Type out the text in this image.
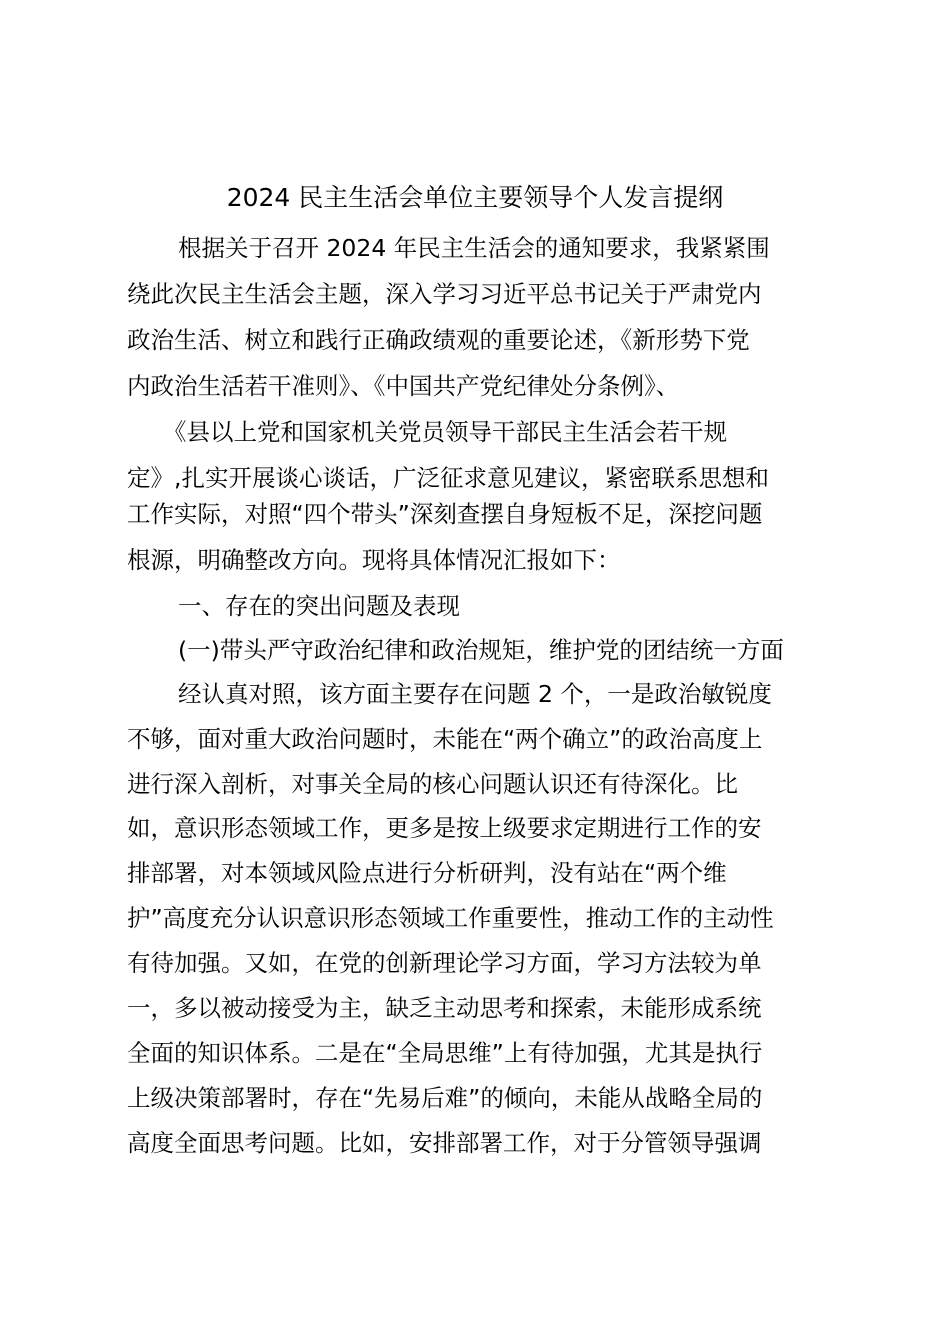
2024 民主生活会单位主要领导个人发言提纲
根据关于召开 2024 年民主生活会的通知要求，我紧紧围
绕此次民主生活会主题，深入学习习近平总书记关于严肃党内
政治生活、树立和践行正确政绩观的重要论述，《新形势下党
内政治生活若干准则》、《中国共产党纪律处分条例》、
《县以上党和国家机关党员领导干部民主生活会若干规
定》,扎实开展谈心谈话，广泛征求意见建议，紧密联系思想和
工作实际，对照“四个带头”深刻查摆自身短板不足，深挖问题
根源，明确整改方向。现将具体情况汇报如下：
一、存在的突出问题及表现
(一)带头严守政治纪律和政治规矩，维护党的团结统一方面
经认真对照，该方面主要存在问题 2 个，一是政治敏锐度
不够，面对重大政治问题时，未能在“两个确立”的政治高度上
进行深入剖析，对事关全局的核心问题认识还有待深化。比
如，意识形态领域工作，更多是按上级要求定期进行工作的安
排部署，对本领域风险点进行分析研判，没有站在“两个维
护”高度充分认识意识形态领域工作重要性，推动工作的主动性
有待加强。又如，在党的创新理论学习方面，学习方法较为单
一，多以被动接受为主，缺乏主动思考和探索，未能形成系统
全面的知识体系。二是在“全局思维”上有待加强，尤其是执行
上级决策部署时，存在“先易后难”的倾向，未能从战略全局的
高度全面思考问题。比如，安排部署工作，对于分管领导强调
